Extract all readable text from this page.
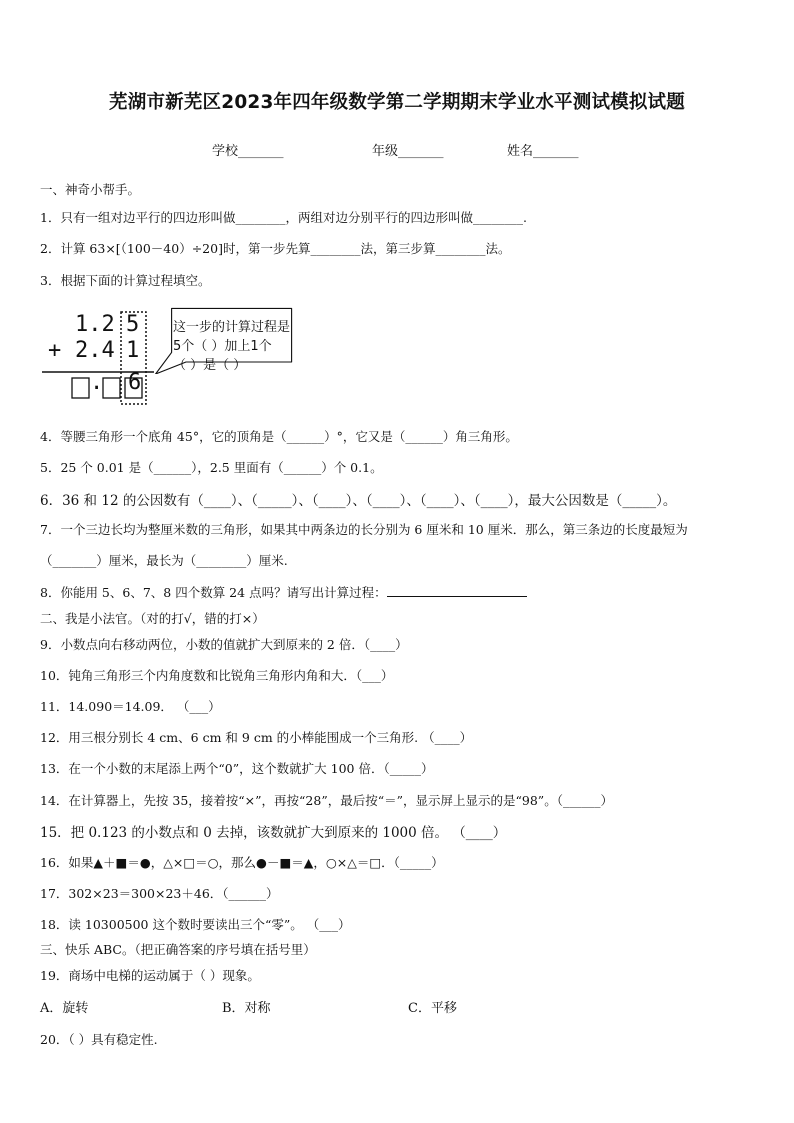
芜湖市新芜区2023年四年级数学第二学期期末学业水平测试模拟试题
学校_______	年级_______	姓名_______
一、神奇小帮手。
1．只有一组对边平行的四边形叫做________，两组对边分别平行的四边形叫做________.
2．计算 63×[（100－40）÷20]时，第一步先算________法，第三步算________法。
3．根据下面的计算过程填空。
1.2 5
+ 2.4 1
. 6
这一步的计算过程是
5个（ ）加上1个
（ ）是（ ）
4．等腰三角形一个底角 45°，它的顶角是（______）°，它又是（______）角三角形。
5．25 个 0.01 是（______），2.5 里面有（______）个 0.1。
6．36 和 12 的公因数有（____）、（_____）、（____）、（____）、（____）、（____），最大公因数是（_____）。
7．一个三边长均为整厘米数的三角形，如果其中两条边的长分别为 6 厘米和 10 厘米．那么，第三条边的长度最短为
（_______）厘米，最长为（________）厘米.
8．你能用 5、6、7、8 四个数算 24 点吗？请写出计算过程：
二、我是小法官。（对的打√，错的打×）
9．小数点向右移动两位，小数的值就扩大到原来的 2 倍．（____）
10．钝角三角形三个内角度数和比锐角三角形内角和大．（___）
11．14.090＝14.09． （___）
12．用三根分别长 4 cm、6 cm 和 9 cm 的小棒能围成一个三角形. （____）
13．在一个小数的末尾添上两个“0”，这个数就扩大 100 倍．（_____）
14．在计算器上，先按 35，接着按“×”，再按“28”，最后按“＝”，显示屏上显示的是“98”。（______）
15．把 0.123 的小数点和 0 去掉，该数就扩大到原来的 1000 倍。 （____）
16．如果▲＋■＝●，△×□＝○，那么●－■＝▲，○×△＝□．（_____）
17．302×23＝300×23＋46．（______）
18．读 10300500 这个数时要读出三个“零”。 （___）
三、快乐 ABC。（把正确答案的序号填在括号里）
19．商场中电梯的运动属于（ ）现象。
A．旋转	B．对称	C．平移
20．（ ）具有稳定性.
